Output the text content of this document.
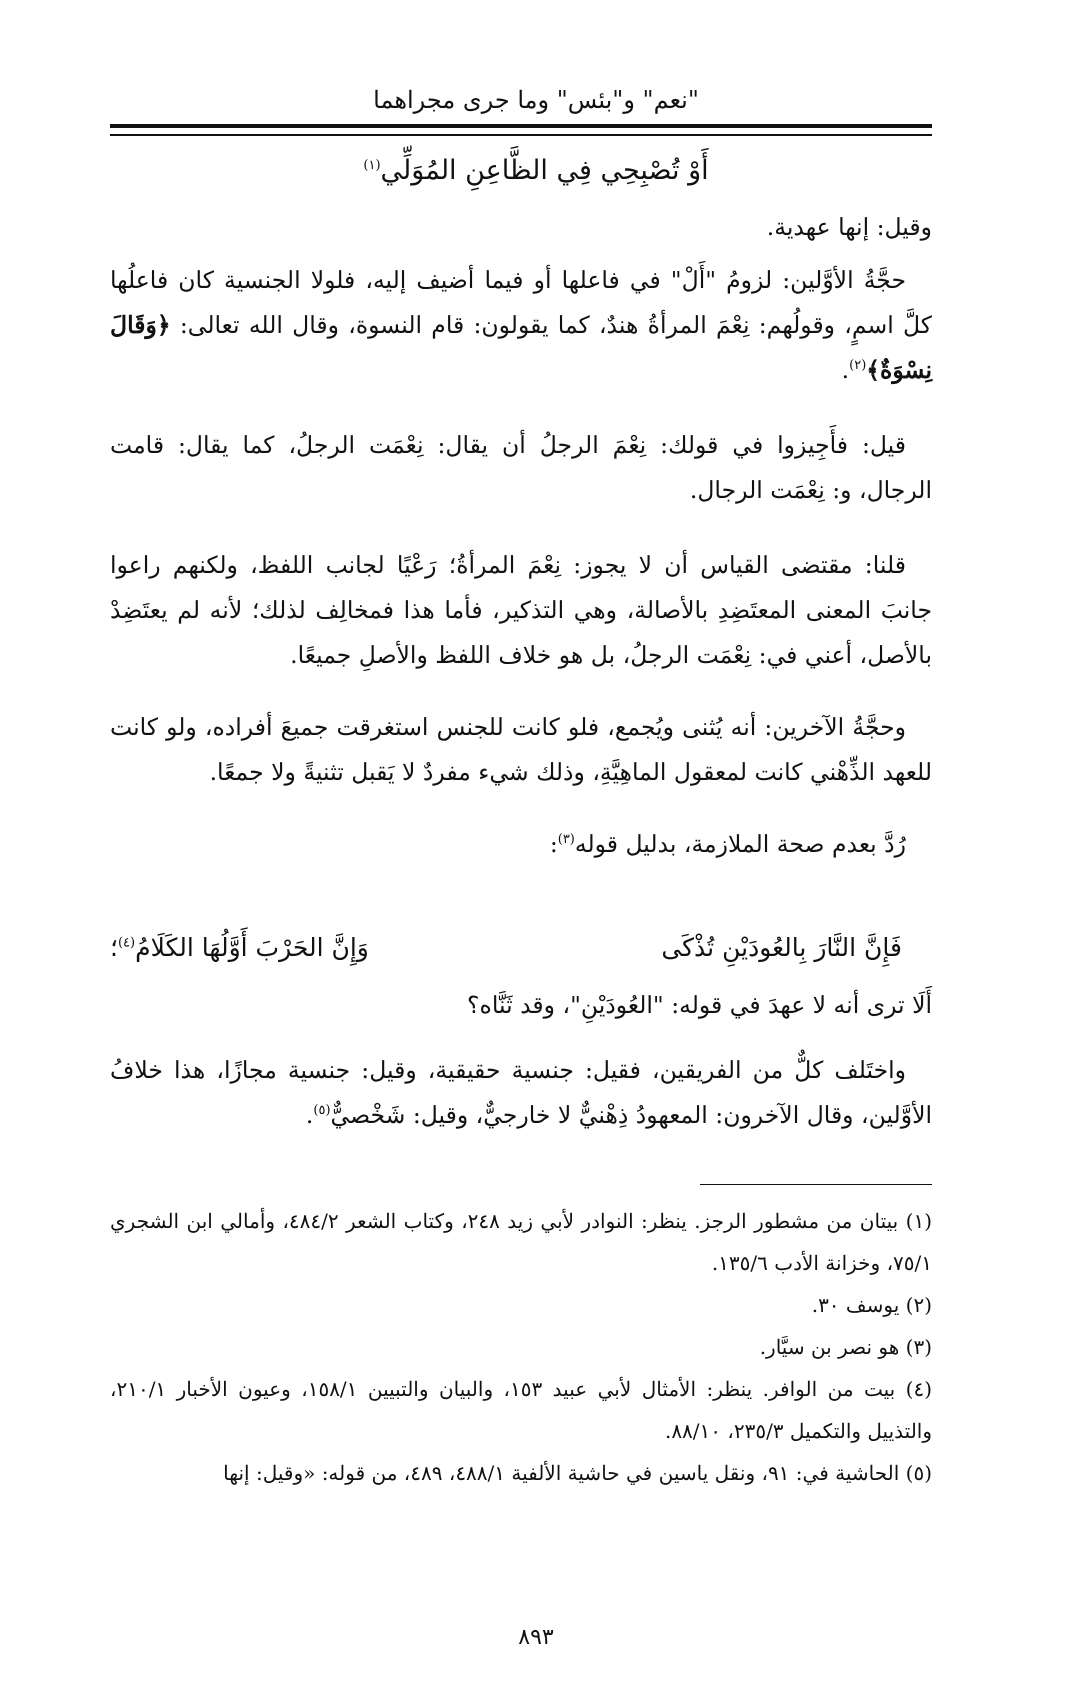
"نعم" و"بئس" وما جرى مجراهما
أَوْ تُصْبِحِي فِي الظَّاعِنِ المُوَلِّي$^{(١)}$

وقيل: إنها عهدية.

حجَّةُ الأوَّلين: لزومُ "أَلْ" في فاعلها أو فيما أضيف إليه، فلولا الجنسية كان فاعلُها كلَّ اسمٍ، وقولُهم: نِعْمَ المرأةُ هندٌ، كما يقولون: قام النسوة، وقال الله تعالى: ﴿وَقَالَ نِسْوَةٌ﴾$^{(٢)}$.

قيل: فأَجِيزوا في قولك: نِعْمَ الرجلُ أن يقال: نِعْمَت الرجلُ، كما يقال: قامت الرجال، و: نِعْمَت الرجال.

قلنا: مقتضى القياس أن لا يجوز: نِعْمَ المرأةُ؛ رَعْيًا لجانب اللفظ، ولكنهم راعوا جانبَ المعنى المعتَضِدِ بالأصالة، وهي التذكير، فأما هذا فمخالِف لذلك؛ لأنه لم يعتَضِدْ بالأصل، أعني في: نِعْمَت الرجلُ، بل هو خلاف اللفظ والأصلِ جميعًا.

وحجَّةُ الآخرين: أنه يُثنى ويُجمع، فلو كانت للجنس استغرقت جميعَ أفراده، ولو كانت للعهد الذِّهْني كانت لمعقول الماهِيَّةِ، وذلك شيء مفردٌ لا يَقبل تثنيةً ولا جمعًا.

رُدَّ بعدم صحة الملازمة، بدليل قوله$^{(٣)}$:

فَإِنَّ النَّارَ بِالعُودَيْنِ تُذْكَى
وَإِنَّ الحَرْبَ أَوَّلُهَا الكَلَامُ$^{(٤)}$؛

أَلَا ترى أنه لا عهدَ في قوله: "العُودَيْنِ"، وقد ثَنَّاه؟

واختَلف كلٌّ من الفريقين، فقيل: جنسية حقيقية، وقيل: جنسية مجازًا، هذا خلافُ الأوَّلين، وقال الآخرون: المعهودُ ذِهْنيٌّ لا خارجيٌّ، وقيل: شَخْصيٌّ$^{(٥)}$.

(١) بيتان من مشطور الرجز. ينظر: النوادر لأبي زيد ٢٤٨، وكتاب الشعر ٤٨٤/٢، وأمالي ابن الشجري ٧٥/١، وخزانة الأدب ١٣٥/٦.

(٢) يوسف ٣٠.

(٣) هو نصر بن سيَّار.

(٤) بيت من الوافر. ينظر: الأمثال لأبي عبيد ١٥٣، والبيان والتبيين ١٥٨/١، وعيون الأخبار ٢١٠/١، والتذييل والتكميل ٢٣٥/٣، ٨٨/١٠.

(٥) الحاشية في: ٩١، ونقل ياسين في حاشية الألفية ٤٨٨/١، ٤٨٩، من قوله: «وقيل: إنها

٨٩٣
